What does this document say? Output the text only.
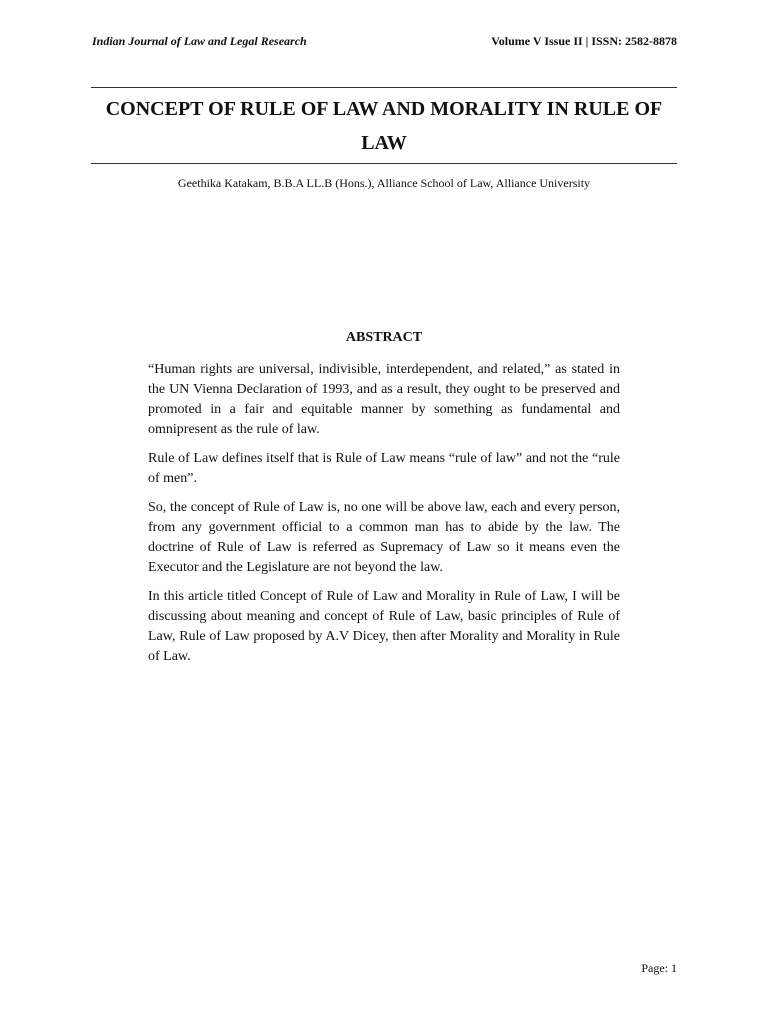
Indian Journal of Law and Legal Research	Volume V Issue II | ISSN: 2582-8878
CONCEPT OF RULE OF LAW AND MORALITY IN RULE OF LAW

Geethika Katakam, B.B.A LL.B (Hons.), Alliance School of Law, Alliance University

ABSTRACT

“Human rights are universal, indivisible, interdependent, and related,” as stated in the UN Vienna Declaration of 1993, and as a result, they ought to be preserved and promoted in a fair and equitable manner by something as fundamental and omnipresent as the rule of law.

Rule of Law defines itself that is Rule of Law means “rule of law” and not the “rule of men”.

So, the concept of Rule of Law is, no one will be above law, each and every person, from any government official to a common man has to abide by the law. The doctrine of Rule of Law is referred as Supremacy of Law so it means even the Executor and the Legislature are not beyond the law.

In this article titled Concept of Rule of Law and Morality in Rule of Law, I will be discussing about meaning and concept of Rule of Law, basic principles of Rule of Law, Rule of Law proposed by A.V Dicey, then after Morality and Morality in Rule of Law.

Page: 1
